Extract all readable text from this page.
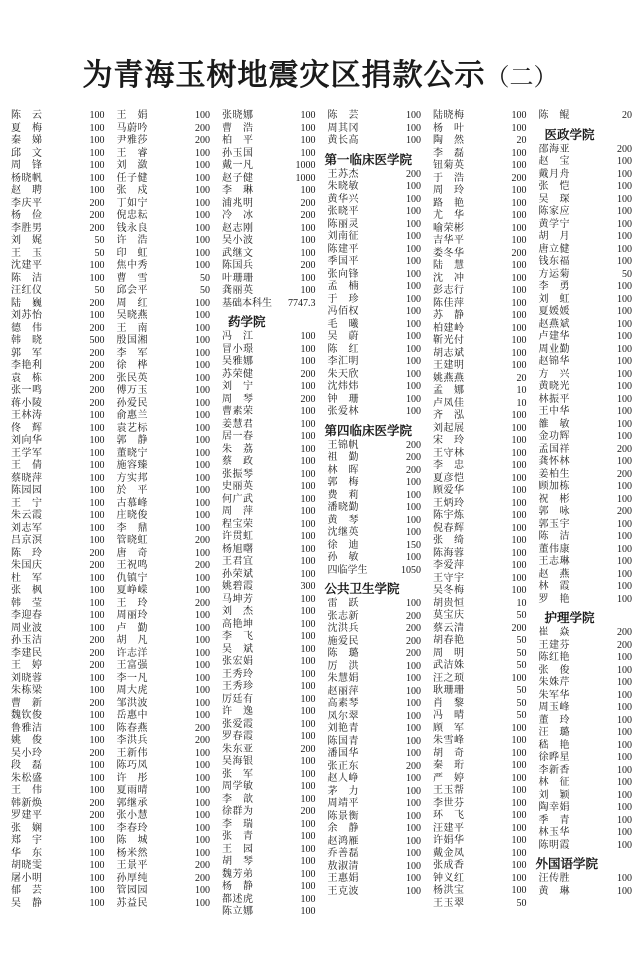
为青海玉树地震灾区捐款公示（二）
陈云	100
夏梅	100
秦娣	100
邱文	100
周锋	100
杨晓帆	100
赵聘	100
李庆平	200
杨俭	200
李胜男	200
刘娓	50
王玉	50
沈建平	100
陈洁	100
汪红仪	50
陆巍	200
刘苏怡	100
德伟	200
韩晓	500
郭军	200
李艳利	200
袁栋	200
张一鸣	200
蒋小陵	200
王林涛	100
佟辉	100
刘向华	100
王学军	100
王倩	100
蔡晓萍	100
陈园园	100
王宁	100
朱云霞	100
刘志军	100
吕京溟	100
陈玲	200
朱国庆	200
杜军	100
张枫	100
韩莹	100
李迎春	100
周业波	100
孙玉洁	200
李建民	200
王婷	200
刘晓蓉	100
朱栋梁	100
曹新	200
魏钦俊	100
鲁雅洁	100
姚俊	100
吴小玲	200
段磊	100
朱松盛	100
王伟	100
韩新焕	200
罗建平	200
张娴	100
郑宇	100
华东	100
胡晓雯	100
屠小明	100
郁芸	100
吴静	100
王娟	100
马蔚吟	200
尹雅莎	200
王睿	100
刘潋	100
任子健	100
张戍	100
丁如宁	100
倪忠耘	100
钱永良	100
许浩	100
印虹	100
焦中秀	100
曹雪	50
邱会平	50
周红	100
吴晓燕	100
王南	100
殷国湘	100
李军	100
徐桦	100
张民英	100
傅万玉	100
孙爱民	100
俞惠兰	100
袁艺标	100
郭静	100
董晓宁	100
施容臻	100
方实邦	100
於平	100
古慕峰	100
庄晓俊	100
李鼎	100
管晓虹	200
唐奇	100
王祝鸣	200
仇镇宁	100
夏峥嵘	100
王玲	200
周丽玲	100
卢勤	100
胡凡	100
许志洋	100
王富强	100
李一凡	100
周大虎	100
邹洪波	100
岳惠中	100
陈春燕	200
李洪兵	200
王新伟	100
陈巧凤	100
许彤	100
夏雨晴	100
郭继承	100
张小慧	100
李春玲	100
陈城	100
杨米然	100
王景平	200
孙厚纯	200
管园园	100
苏益民	100
张晓娜	100
曹浩	100
柏平	100
孙玉国	100
戴一凡	1000
赵子健	1000
李琳	100
浦兆明	200
冷冰	200
赵志刚	100
吴小波	100
武继文	100
陈国兵	200
叶珊珊	100
龚丽英	100
基础本科生 7747.3
药学院
冯江	100
冒小璟	100
吴雅娜	100
苏荣健	200
刘宁	100
周琴	200
曹素荣	100
姜慧君	100
居一春	100
朱荔	100
蔡政	100
张振琴	100
史丽英	100
何广武	100
周萍	100
程宝荣	100
许贯虹	100
杨旭曙	100
王君宜	100
孙荣斌	100
姚碧霞	300
马坤芳	100
刘杰	100
高艳坤	100
李飞	100
吴斌	100
张宏娟	100
王秀玲	100
王秀珍	100
厉廷有	100
许逸	100
张爱霞	100
罗春霞	100
朱东亚	200
吴海银	100
张军	100
周学敏	100
李歆	100
徐群为	200
李瑞	100
张青	100
王园	100
胡琴	100
魏芳弟	100
杨静	100
都述虎	100
陈立娜	100
陈芸	100
周其冈	100
黄长高	100
第一临床医学院
王苏杰	200
朱晓敏	100
黄华兴	100
张晓平	100
陈丽灵	100
刘南征	100
陈建平	100
季国平	100
张向锋	100
孟楠	100
于珍	100
冯佰权	100
毛曦	100
吴蔚	100
陈红	100
李汇明	100
朱天欣	100
沈炜炜	100
钟珊	100
张爱林	100
第四临床医学院
王锦帆	200
祖勤	200
林晖	200
郭梅	100
费莉	100
潘晓勤	100
黄琴	100
沈继英	100
徐迪	150
孙敏	100
四临学生	1050
公共卫生学院
雷跃	100
张志新	200
沈洪兵	200
施爱民	200
陈璐	200
厉洪	100
朱慧娟	100
赵丽萍	100
高素琴	100
凤尔翠	100
刘艳青	100
陈国青	100
潘国华	100
张正东	200
赵人峥	100
茅力	100
周靖平	100
陈景衡	100
余静	100
赵鸿雁	100
乔善磊	100
敖淑清	100
王惠娟	100
王克波	100
陆晓梅	100
杨叶	100
陶然	20
李磊	100
钮菊英	100
于浩	200
周玲	100
路艳	100
尤华	100
喻荣彬	100
吉华平	100
娄冬华	200
陆慧	100
沈冲	100
彭志行	100
陈佳萍	100
苏静	100
柏建岭	100
靳光付	100
胡志斌	100
王建明	100
姚燕燕	20
孟娜	10
卢凤佳	10
齐泓	100
刘起展	100
宋玲	100
王守林	100
李忠	100
夏彦恺	100
顾爱华	100
王炳玲	100
陈宇炼	100
倪春辉	100
张绮	100
陈海蓉	100
李爱萍	100
王守宇	100
吴冬梅	100
胡贵恒	10
莫宝庆	50
蔡云清	200
胡春艳	50
周明	50
武洁姝	50
汪之顼	100
耿珊珊	50
肖黎	50
冯晴	50
顾军	100
朱雪峰	100
胡奇	100
秦珩	100
严婷	100
王玉帮	100
李世芬	100
环飞	100
汪建平	100
许娟华	100
戴金凤	100
张成香	100
钟义红	100
杨洪宝	100
王玉翠	50
陈鲲	20
医政学院
邵海亚	200
赵宝	100
戴月舟	100
张恺	100
吴琛	100
陈家应	100
黄学宁	100
胡月	100
唐立健	100
钱东福	100
方运菊	50
李勇	100
刘虹	100
夏媛媛	100
赵燕斌	100
卢建华	100
周业勤	100
赵锦华	100
方兴	100
黄晓光	100
林振平	100
王中华	100
雒敏	100
金功辉	100
孟国祥	200
龚怀林	100
姜柏生	200
顾加栋	100
祝彬	100
郭咏	200
郭玉宇	100
陈洁	100
董伟康	100
王志琳	100
赵燕	100
林霞	100
罗艳	100
护理学院
崔焱	200
王建芬	200
陈红艳	100
张俊	100
朱姝芹	100
朱军华	100
周玉峰	100
董玲	100
汪璐	100
嵇艳	100
徐晔星	100
李新香	100
林征	100
刘颖	100
陶幸娟	100
季青	100
林玉华	100
陈明霞	100
外国语学院
汪传胜	100
黄琳	100
